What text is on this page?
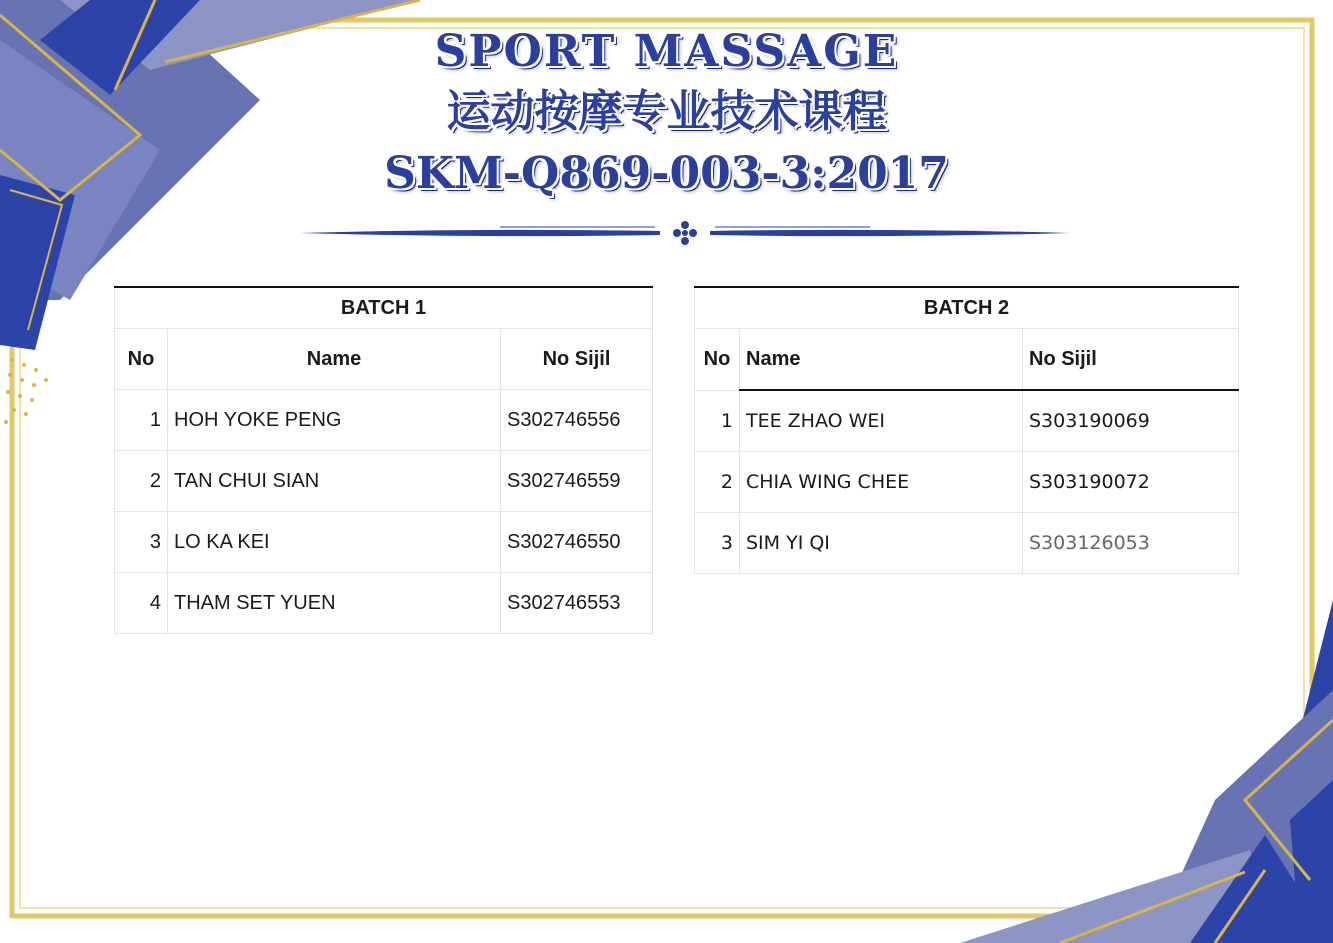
SPORT MASSAGE
运动按摩专业技术课程
SKM-Q869-003-3:2017
BATCH 1		
No	Name	No Sijil
1	HOH YOKE PENG	S302746556
2	TAN CHUI SIAN	S302746559
3	LO KA KEI	S302746550
4	THAM SET YUEN	S302746553
BATCH 2		
No	Name	No Sijil
1	TEE ZHAO WEI	S303190069
2	CHIA WING CHEE	S303190072
3	SIM YI QI	S303126053
